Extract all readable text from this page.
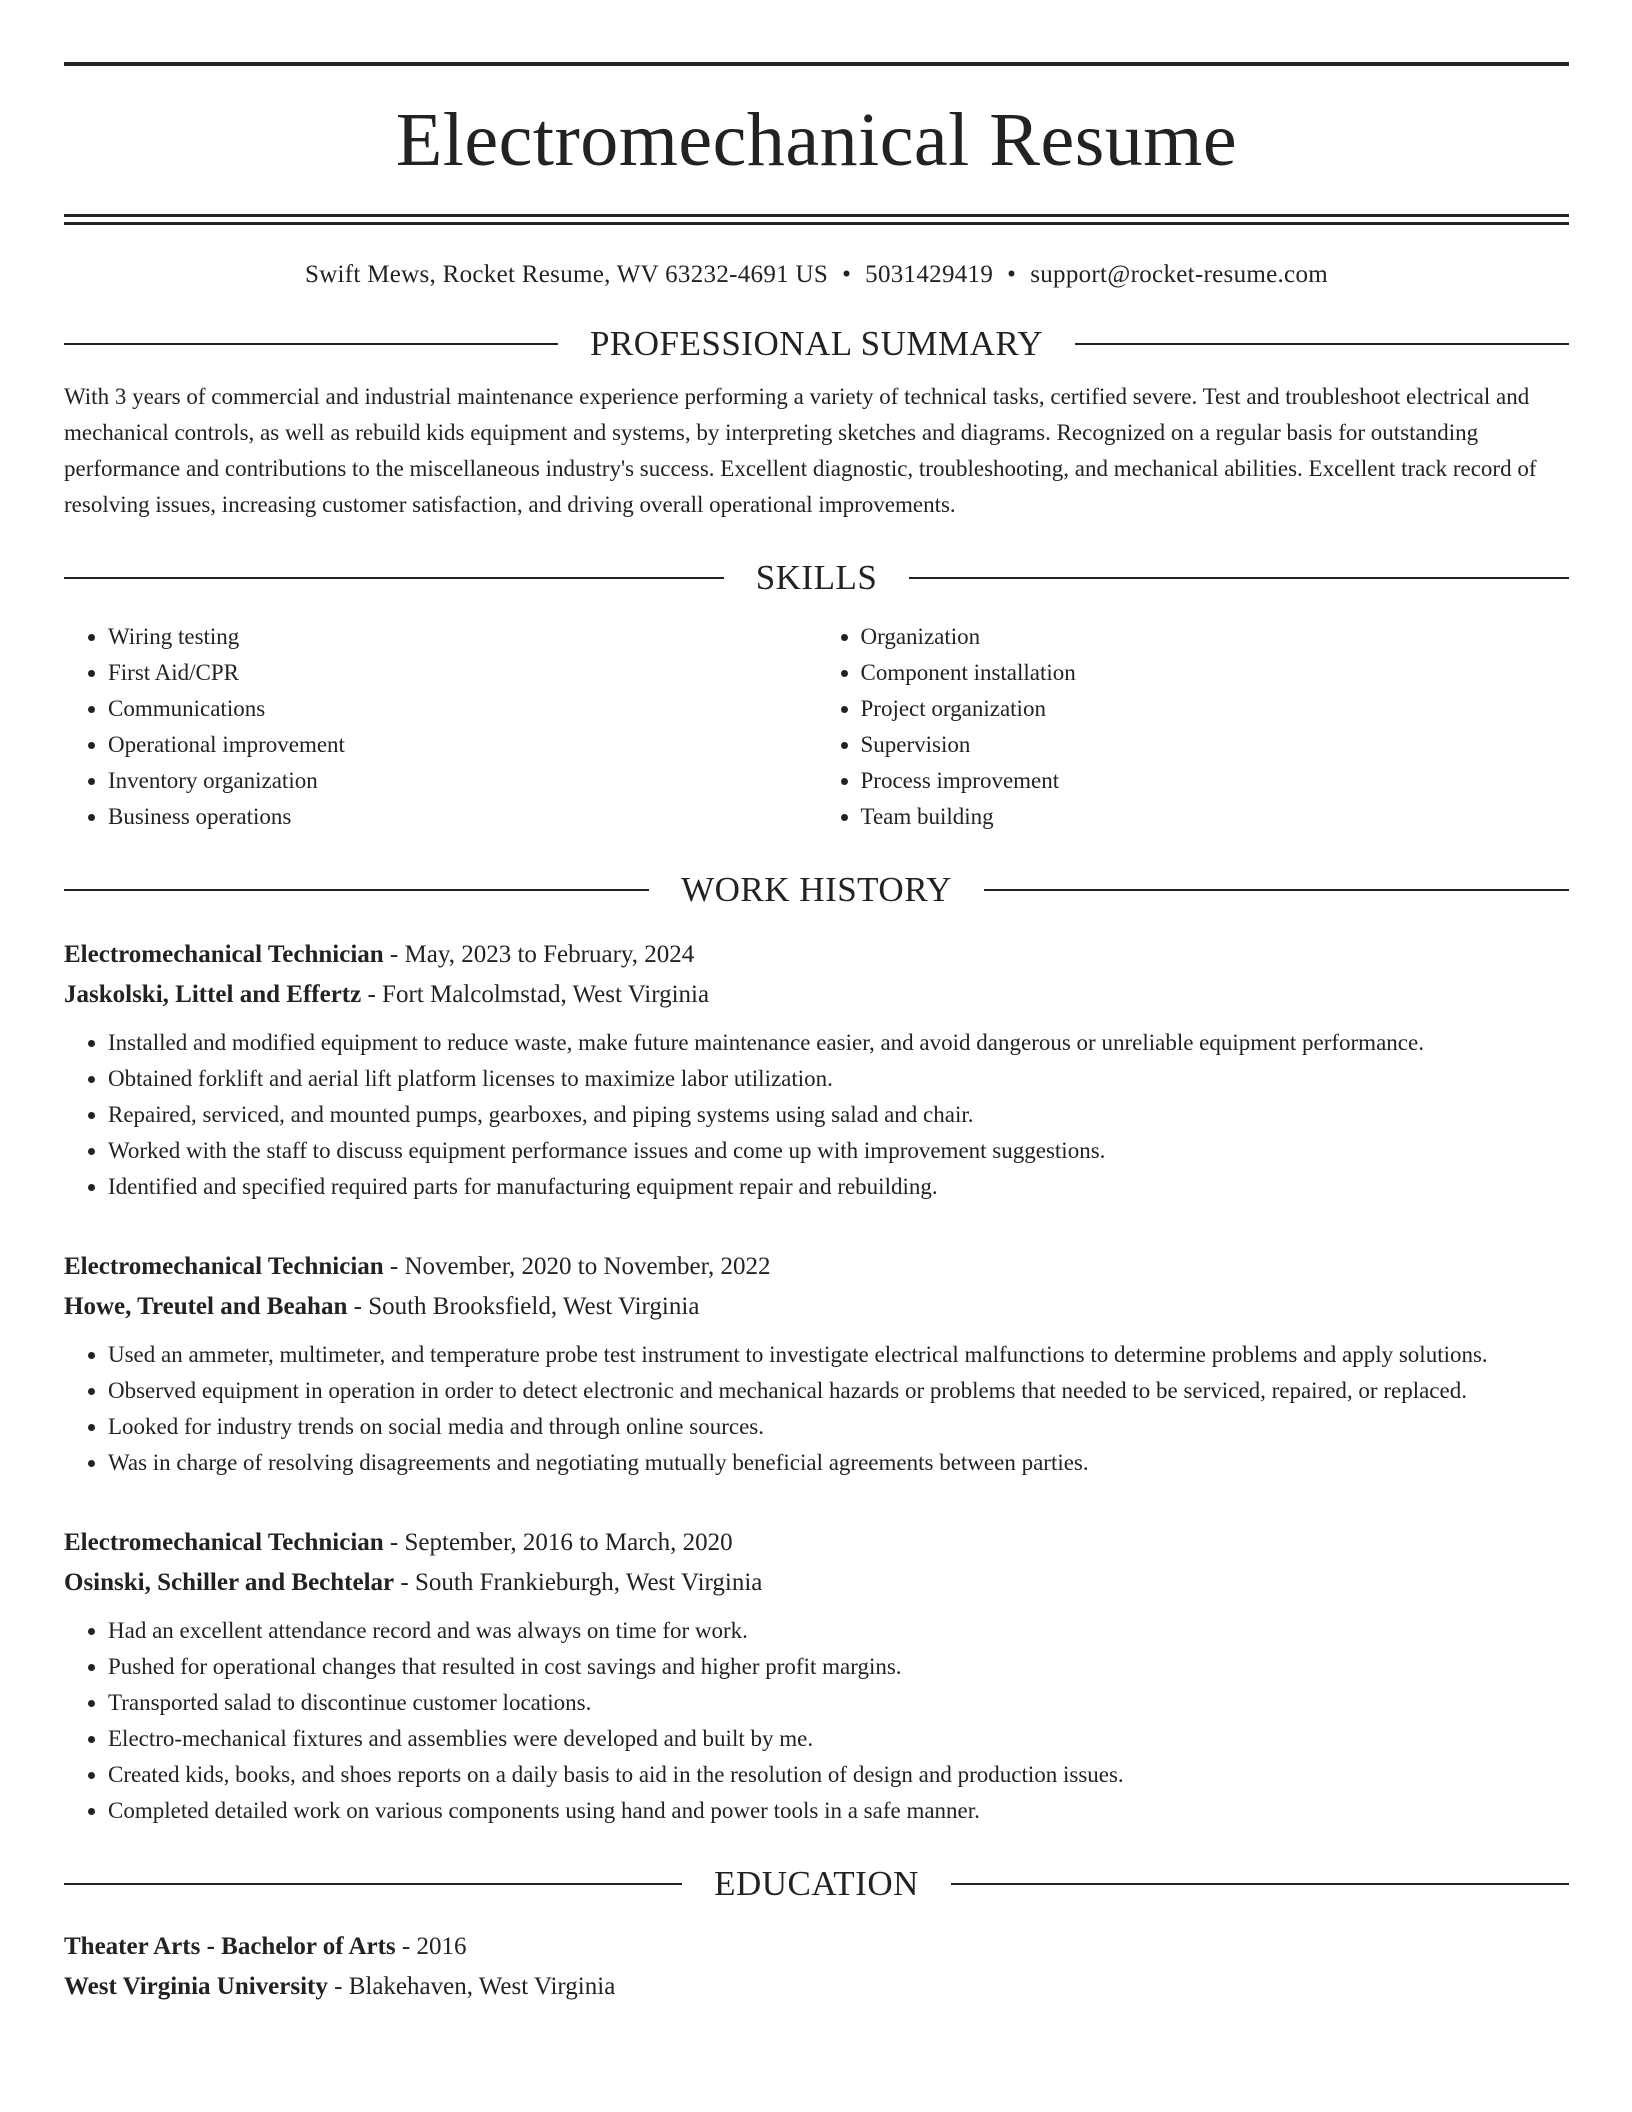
Electromechanical Resume
Swift Mews, Rocket Resume, WV 63232-4691 US • 5031429419 • support@rocket-resume.com
PROFESSIONAL SUMMARY

With 3 years of commercial and industrial maintenance experience performing a variety of technical tasks, certified severe. Test and troubleshoot electrical and mechanical controls, as well as rebuild kids equipment and systems, by interpreting sketches and diagrams. Recognized on a regular basis for outstanding performance and contributions to the miscellaneous industry's success. Excellent diagnostic, troubleshooting, and mechanical abilities. Excellent track record of resolving issues, increasing customer satisfaction, and driving overall operational improvements.

SKILLS
• Wiring testing
• First Aid/CPR
• Communications
• Operational improvement
• Inventory organization
• Business operations
• Organization
• Component installation
• Project organization
• Supervision
• Process improvement
• Team building
WORK HISTORY
Electromechanical Technician - May, 2023 to February, 2024
Jaskolski, Littel and Effertz - Fort Malcolmstad, West Virginia
• Installed and modified equipment to reduce waste, make future maintenance easier, and avoid dangerous or unreliable equipment performance.
• Obtained forklift and aerial lift platform licenses to maximize labor utilization.
• Repaired, serviced, and mounted pumps, gearboxes, and piping systems using salad and chair.
• Worked with the staff to discuss equipment performance issues and come up with improvement suggestions.
• Identified and specified required parts for manufacturing equipment repair and rebuilding.
Electromechanical Technician - November, 2020 to November, 2022
Howe, Treutel and Beahan - South Brooksfield, West Virginia
• Used an ammeter, multimeter, and temperature probe test instrument to investigate electrical malfunctions to determine problems and apply solutions.
• Observed equipment in operation in order to detect electronic and mechanical hazards or problems that needed to be serviced, repaired, or replaced.
• Looked for industry trends on social media and through online sources.
• Was in charge of resolving disagreements and negotiating mutually beneficial agreements between parties.
Electromechanical Technician - September, 2016 to March, 2020
Osinski, Schiller and Bechtelar - South Frankieburgh, West Virginia
• Had an excellent attendance record and was always on time for work.
• Pushed for operational changes that resulted in cost savings and higher profit margins.
• Transported salad to discontinue customer locations.
• Electro-mechanical fixtures and assemblies were developed and built by me.
• Created kids, books, and shoes reports on a daily basis to aid in the resolution of design and production issues.
• Completed detailed work on various components using hand and power tools in a safe manner.
EDUCATION
Theater Arts - Bachelor of Arts - 2016
West Virginia University - Blakehaven, West Virginia
